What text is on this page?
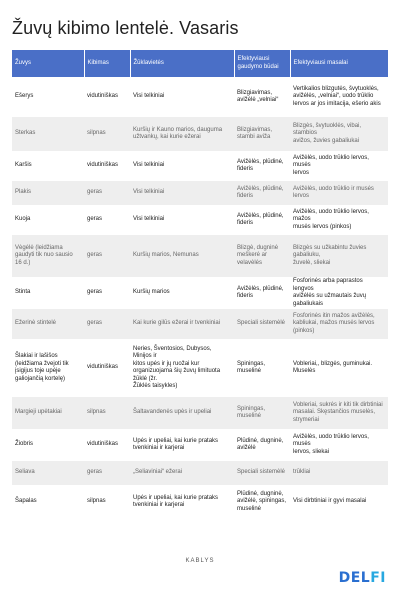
Žuvų kibimo lentelė. Vasaris
Žuvys	Kibimas	Žūklavietės	Efektyviausi gaudymo būdai	Efektyviausi masalai

Ešerys	vidutiniškas	Visi telkiniai	Blizgiavimas, avižėlė „velniai“	Vertikalios blizgutės, švytuoklės,
avižėlės, „velniai“, uodo trūklio lervos ar jos imitacija, ešerio akis

Sterkas	silpnas	Kuršių ir Kauno marios, dauguma
užtvankų, kai kurie ežerai	Blizgiavimas, stambi aviža	Blizgės, švytuoklės, vibai, stambios
avižos, žuvies gabaliukai

Karšis	vidutiniškas	Visi telkiniai	Avižėlės, plūdinė, fideris	Avižėlės, uodo trūklio lervos, musės
lervos

Plakis	geras	Visi telkiniai	Avižėlės, plūdinė, fideris	Avižėlės, uodo trūklio ir musės lervos

Kuoja	geras	Visi telkiniai	Avižėlės, plūdinė, fideris	Avižėlės, uodo trūklio lervos, mažos
musės lervos (pinkos)

Vėgėlė (leidžiama gaudyti tik nuo sausio
16 d.)	geras	Kuršių marios, Nemunas	Blizgė, dugninė meškerė ar velavėlės	Blizgės su užkabintu žuvies gabaliuku,
žuvelė, sliekai

Stinta	geras	Kuršių marios	Avižėlės, plūdinė, fideris	Fosforinės arba paprastos lengvos
avižėlės su užmautais žuvų gabaliukais

Ežerinė stintelė	geras	Kai kurie gilūs ežerai ir tvenkiniai	Speciali sistemėlė	Fosforinės itin mažos avižėlės,
kabliukai, mažos musės lervos (pinkos)

Šlakiai ir lašišos (leidžiama žvejoti tik įsigijus toje upėje galiojančią kortelę)	vidutiniškas	Neries, Šventosios, Dubysos, Minijos ir
kitos upės ir jų ruožai kur organizuojama šių žuvų limituota žūklė (žr.
Žūklės taisykles)	Spiningas, muselinė	Vobleriai,, blizgės, guminukai. Muselės

Margieji upėtakiai	silpnas	Šaltavandenės upės ir upeliai	Spiningas, muselinė	Vobleriai, sukrės ir kiti tik dirbtiniai
masalai. Skęstančios muselės, strymeriai

Žiobris	vidutiniškas	Upės ir upeliai, kai kurie prataks
tvenkiniai ir karjerai	Plūdinė, dugninė, avižėlė	Avižėlės, uodo trūklio lervos, musės
lervos, sliekai

Seliava	geras	„Seliaviniai“ ežerai	Speciali sistemėlė	trūkliai

Šapalas	silpnas	Upės ir upeliai, kai kurie prataks
tvenkiniai ir karjerai	Plūdinė, dugninė, avižėlė, spiningas, muselinė	Visi dirbtiniai ir gyvi masalai
KABLYS
DELFI
